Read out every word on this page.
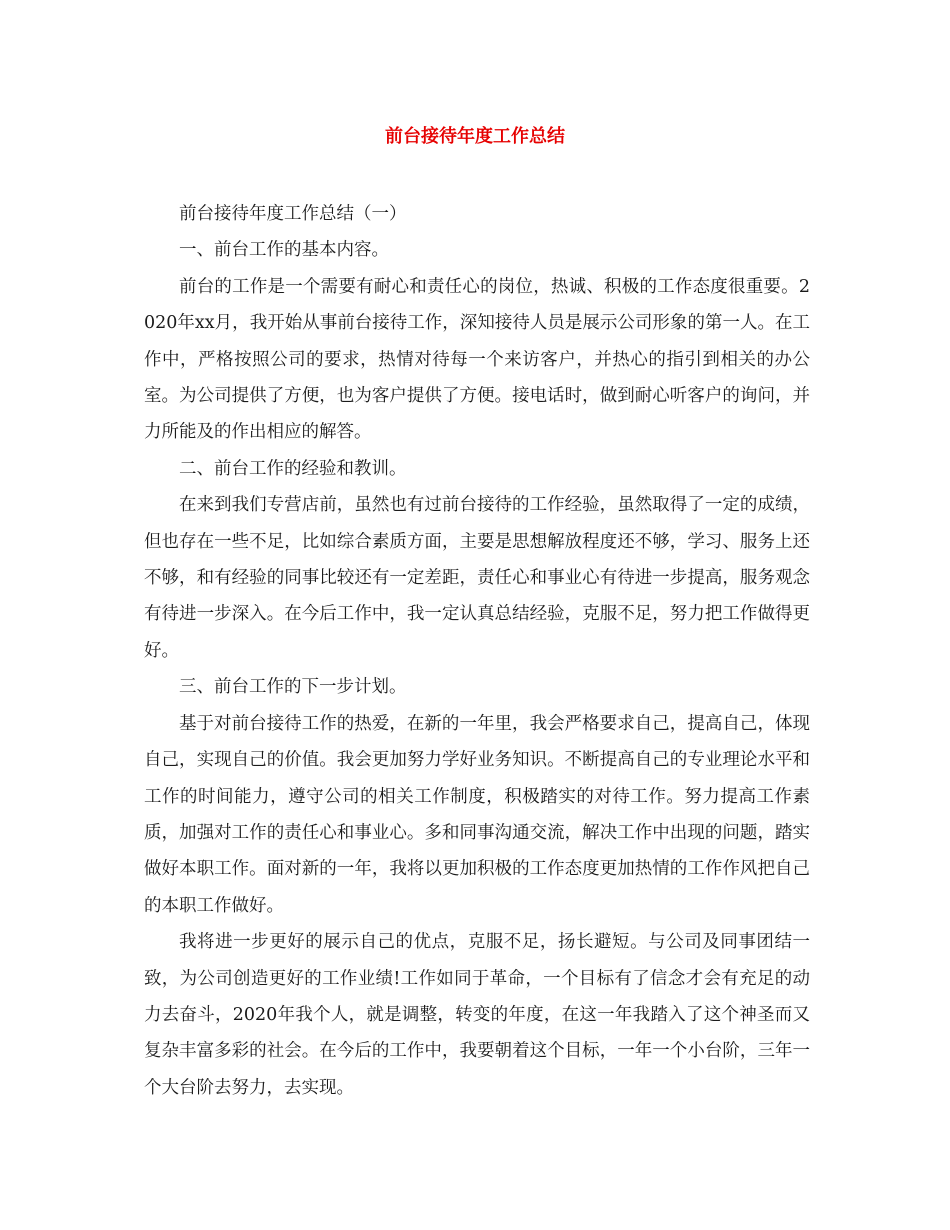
前台接待年度工作总结

前台接待年度工作总结（一）

一、前台工作的基本内容。

前台的工作是一个需要有耐心和责任心的岗位，热诚、积极的工作态度很重要。2020年xx月，我开始从事前台接待工作，深知接待人员是展示公司形象的第一人。在工作中，严格按照公司的要求，热情对待每一个来访客户，并热心的指引到相关的办公室。为公司提供了方便，也为客户提供了方便。接电话时，做到耐心听客户的询问，并力所能及的作出相应的解答。

二、前台工作的经验和教训。

在来到我们专营店前，虽然也有过前台接待的工作经验，虽然取得了一定的成绩，但也存在一些不足，比如综合素质方面，主要是思想解放程度还不够，学习、服务上还不够，和有经验的同事比较还有一定差距，责任心和事业心有待进一步提高，服务观念有待进一步深入。在今后工作中，我一定认真总结经验，克服不足，努力把工作做得更好。

三、前台工作的下一步计划。

基于对前台接待工作的热爱，在新的一年里，我会严格要求自己，提高自己，体现自己，实现自己的价值。我会更加努力学好业务知识。不断提高自己的专业理论水平和工作的时间能力，遵守公司的相关工作制度，积极踏实的对待工作。努力提高工作素质，加强对工作的责任心和事业心。多和同事沟通交流，解决工作中出现的问题，踏实做好本职工作。面对新的一年，我将以更加积极的工作态度更加热情的工作作风把自己的本职工作做好。

我将进一步更好的展示自己的优点，克服不足，扬长避短。与公司及同事团结一致，为公司创造更好的工作业绩!工作如同于革命，一个目标有了信念才会有充足的动力去奋斗，2020年我个人，就是调整，转变的年度，在这一年我踏入了这个神圣而又复杂丰富多彩的社会。在今后的工作中，我要朝着这个目标，一年一个小台阶，三年一个大台阶去努力，去实现。
